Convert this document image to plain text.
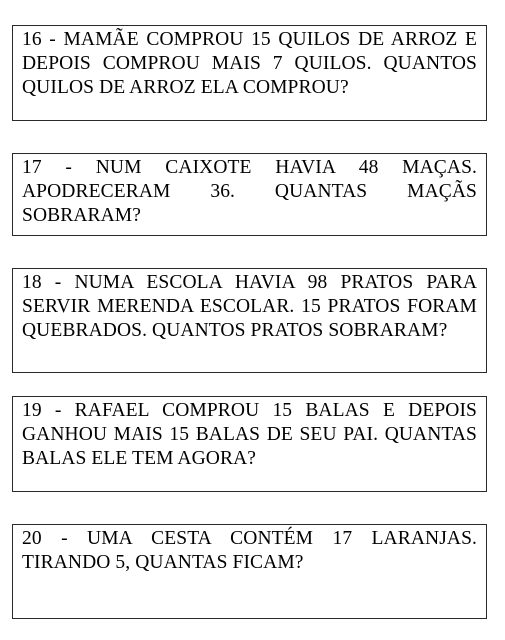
16 - MAMÃE COMPROU 15 QUILOS DE ARROZ E DEPOIS COMPROU MAIS 7 QUILOS. QUANTOS QUILOS DE ARROZ ELA COMPROU?

17 - NUM CAIXOTE HAVIA 48 MAÇAS. APODRECERAM 36. QUANTAS MAÇÃS SOBRARAM?

18 - NUMA ESCOLA HAVIA 98 PRATOS PARA SERVIR MERENDA ESCOLAR. 15 PRATOS FORAM QUEBRADOS. QUANTOS PRATOS SOBRARAM?

19 - RAFAEL COMPROU 15 BALAS E DEPOIS GANHOU MAIS 15 BALAS DE SEU PAI. QUANTAS BALAS ELE TEM AGORA?

20 - UMA CESTA CONTÉM 17 LARANJAS. TIRANDO 5, QUANTAS FICAM?
